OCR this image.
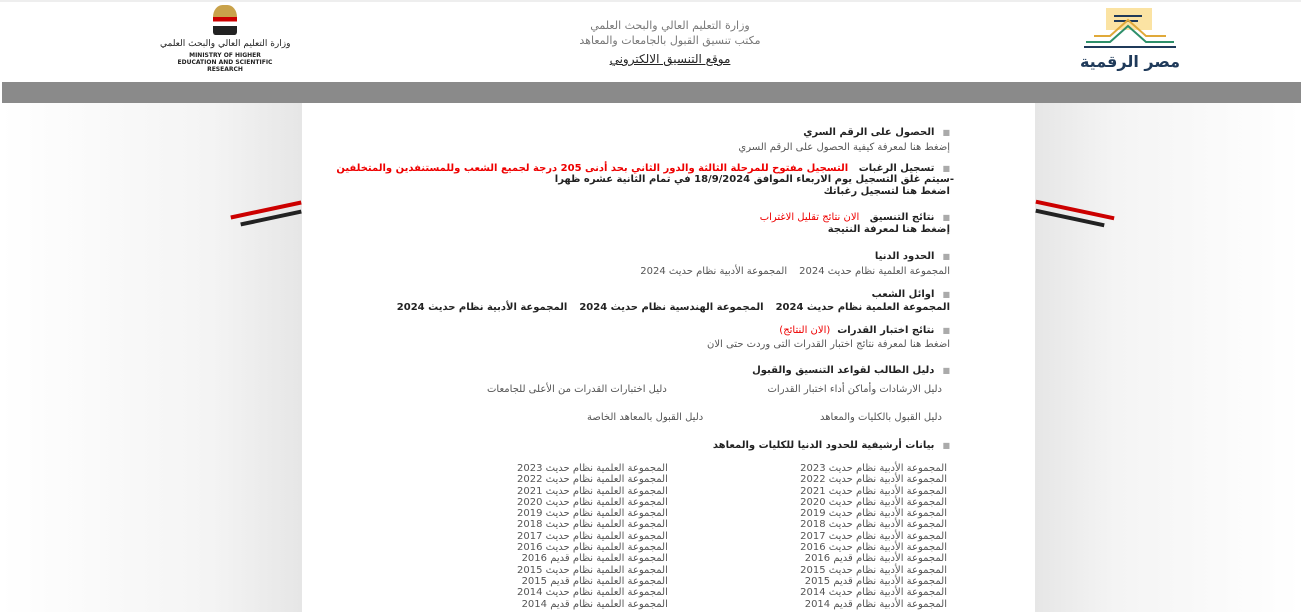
وزارة التعليم العالي والبحث العلمي
MINISTRY OF HIGHER EDUCATION AND SCIENTIFIC RESEARCH
وزارة التعليم العالي والبحث العلمي
مكتب تنسيق القبول بالجامعات والمعاهد
موقع التنسيق الالكتروني	مصر الرقمية
■الحصول على الرقم السري
إضغط هنا لمعرفة كيفية الحصول على الرقم السري
■تسجيل الرغبات   التسجيل مفتوح للمرحلة الثالثة والدور الثاني بحد أدنى 205 درجة لجميع الشعب وللمستنفدين والمتخلفين
-سيتم غلق التسجيل يوم الاربعاء الموافق 18/9/2024 في تمام الثانية عشره ظهرا
اضغط هنا لتسجيل رغباتك
■نتائج التنسيق   الان نتائج تقليل الاغتراب
إضغط هنا لمعرفة النتيجة
■الحدود الدنيا
المجموعة العلمية نظام حديث 2024المجموعة الأدبية نظام حديث 2024
■اوائل الشعب
المجموعة العلمية نظام حديث 2024المجموعة الهندسية نظام حديث 2024المجموعة الأدبية نظام حديث 2024
■نتائج اختبار القدرات  (الان النتائج)
اضغط هنا لمعرفة نتائج اختبار القدرات التى وردت حتى الان
■دليل الطالب لقواعد التنسيق والقبول
دليل الارشادات وأماكن أداء اختبار القدرات
دليل اختبارات القدرات من الأعلى للجامعات
دليل القبول بالكليات والمعاهد
دليل القبول بالمعاهد الخاصة
■بيانات أرشيفية للحدود الدنيا للكليات والمعاهد
المجموعة الأدبية نظام حديث 2023
المجموعة الأدبية نظام حديث 2022
المجموعة الأدبية نظام حديث 2021
المجموعة الأدبية نظام حديث 2020
المجموعة الأدبية نظام حديث 2019
المجموعة الأدبية نظام حديث 2018
المجموعة الأدبية نظام حديث 2017
المجموعة الأدبية نظام حديث 2016
المجموعة الأدبية نظام قديم 2016
المجموعة الأدبية نظام حديث 2015
المجموعة الأدبية نظام قديم 2015
المجموعة الأدبية نظام حديث 2014
المجموعة الأدبية نظام قديم 2014
المجموعة العلمية نظام حديث 2023
المجموعة العلمية نظام حديث 2022
المجموعة العلمية نظام حديث 2021
المجموعة العلمية نظام حديث 2020
المجموعة العلمية نظام حديث 2019
المجموعة العلمية نظام حديث 2018
المجموعة العلمية نظام حديث 2017
المجموعة العلمية نظام حديث 2016
المجموعة العلمية نظام قديم 2016
المجموعة العلمية نظام حديث 2015
المجموعة العلمية نظام قديم 2015
المجموعة العلمية نظام حديث 2014
المجموعة العلمية نظام قديم 2014
